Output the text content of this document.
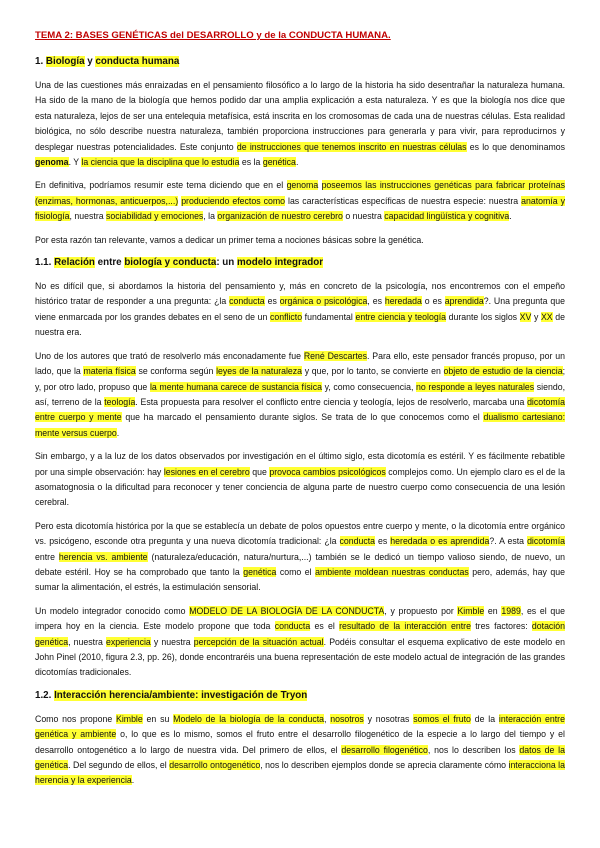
TEMA 2: BASES GENÉTICAS del DESARROLLO y de la CONDUCTA HUMANA.
1. Biología y conducta humana

Una de las cuestiones más enraizadas en el pensamiento filosófico a lo largo de la historia ha sido desentrañar la naturaleza humana. Ha sido de la mano de la biología que hemos podido dar una amplia explicación a esta naturaleza. Y es que la biología nos dice que esta naturaleza, lejos de ser una entelequia metafísica, está inscrita en los cromosomas de cada una de nuestras células. Esta realidad biológica, no sólo describe nuestra naturaleza, también proporciona instrucciones para generarla y para vivir, para reproducirnos y desplegar nuestras potencialidades. Este conjunto de instrucciones que tenemos inscrito en nuestras células es lo que denominamos genoma. Y la ciencia que la disciplina que lo estudia es la genética.

En definitiva, podríamos resumir este tema diciendo que en el genoma poseemos las instrucciones genéticas para fabricar proteínas (enzimas, hormonas, anticuerpos,...) produciendo efectos como las características específicas de nuestra especie: nuestra anatomía y fisiología, nuestra sociabilidad y emociones, la organización de nuestro cerebro o nuestra capacidad lingüística y cognitiva.

Por esta razón tan relevante, vamos a dedicar un primer tema a nociones básicas sobre la genética.

1.1. Relación entre biología y conducta: un modelo integrador

No es difícil que, si abordamos la historia del pensamiento y, más en concreto de la psicología, nos encontremos con el empeño histórico tratar de responder a una pregunta: ¿la conducta es orgánica o psicológica, es heredada o es aprendida?. Una pregunta que viene enmarcada por los grandes debates en el seno de un conflicto fundamental entre ciencia y teología durante los siglos XV y XX de nuestra era.

Uno de los autores que trató de resolverlo más enconadamente fue René Descartes. Para ello, este pensador francés propuso, por un lado, que la materia física se conforma según leyes de la naturaleza y que, por lo tanto, se convierte en objeto de estudio de la ciencia; y, por otro lado, propuso que la mente humana carece de sustancia física y, como consecuencia, no responde a leyes naturales siendo, así, terreno de la teología. Esta propuesta para resolver el conflicto entre ciencia y teología, lejos de resolverlo, marcaba una dicotomía entre cuerpo y mente que ha marcado el pensamiento durante siglos. Se trata de lo que conocemos como el dualismo cartesiano: mente versus cuerpo.

Sin embargo, y a la luz de los datos observados por investigación en el último siglo, esta dicotomía es estéril. Y es fácilmente rebatible por una simple observación: hay lesiones en el cerebro que provoca cambios psicológicos complejos como. Un ejemplo claro es el de la asomatognosia o la dificultad para reconocer y tener conciencia de alguna parte de nuestro cuerpo como consecuencia de una lesión cerebral.

Pero esta dicotomía histórica por la que se establecía un debate de polos opuestos entre cuerpo y mente, o la dicotomía entre orgánico vs. psicógeno, esconde otra pregunta y una nueva dicotomía tradicional: ¿la conducta es heredada o es aprendida?. A esta dicotomía entre herencia vs. ambiente (naturaleza/educación, natura/nurtura,...) también se le dedicó un tiempo valioso siendo, de nuevo, un debate estéril. Hoy se ha comprobado que tanto la genética como el ambiente moldean nuestras conductas pero, además, hay que sumar la alimentación, el estrés, la estimulación sensorial.

Un modelo integrador conocido como MODELO DE LA BIOLOGÍA DE LA CONDUCTA, y propuesto por Kimble en 1989, es el que impera hoy en la ciencia. Este modelo propone que toda conducta es el resultado de la interacción entre tres factores: dotación genética, nuestra experiencia y nuestra percepción de la situación actual. Podéis consultar el esquema explicativo de este modelo en John Pinel (2010, figura 2.3, pp. 26), donde encontraréis una buena representación de este modelo actual de integración de las grandes dicotomías tradicionales.

1.2. Interacción herencia/ambiente: investigación de Tryon

Como nos propone Kimble en su Modelo de la biología de la conducta, nosotros y nosotras somos el fruto de la interacción entre genética y ambiente o, lo que es lo mismo, somos el fruto entre el desarrollo filogenético de la especie a lo largo del tiempo y el desarrollo ontogenético a lo largo de nuestra vida. Del primero de ellos, el desarrollo filogenético, nos lo describen los datos de la genética. Del segundo de ellos, el desarrollo ontogenético, nos lo describen ejemplos donde se aprecia claramente cómo interacciona la herencia y la experiencia.
